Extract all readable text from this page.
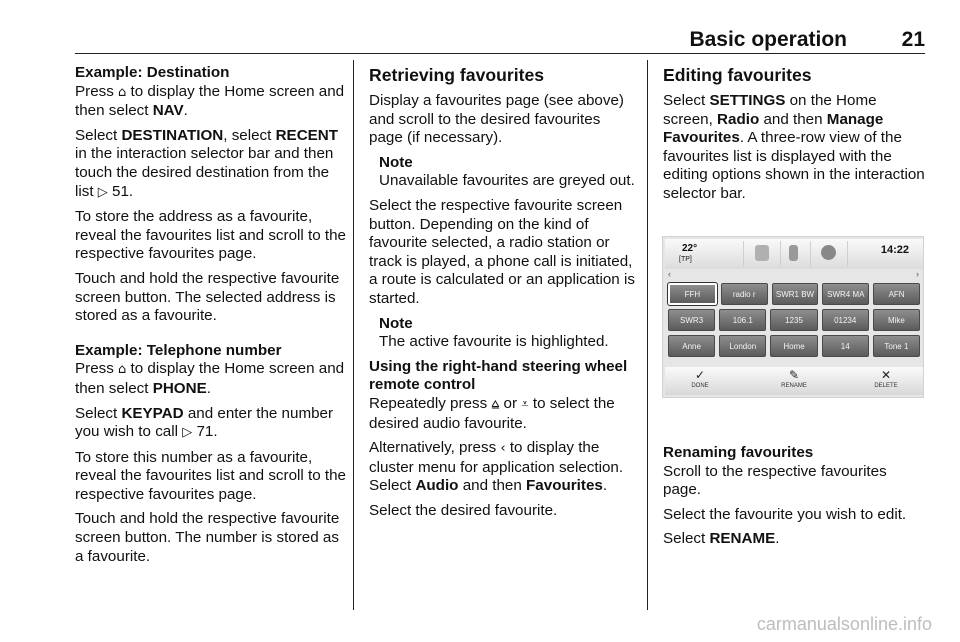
Basic operation	21
Example: Destination

Press ⌂ to display the Home screen and then select NAV.

Select DESTINATION, select RECENT in the interaction selector bar and then touch the desired destination from the list ▷ 51.

To store the address as a favourite, reveal the favourites list and scroll to the respective favourites page.

Touch and hold the respective favourite screen button. The selected address is stored as a favourite.

Example: Telephone number

Press ⌂ to display the Home screen and then select PHONE.

Select KEYPAD and enter the number you wish to call ▷ 71.

To store this number as a favourite, reveal the favourites list and scroll to the respective favourites page.

Touch and hold the respective favourite screen button. The number is stored as a favourite.

Retrieving favourites

Display a favourites page (see above) and scroll to the desired favourites page (if necessary).

Note
Unavailable favourites are greyed out.

Select the respective favourite screen button. Depending on the kind of favourite selected, a radio station or track is played, a phone call is initiated, a route is calculated or an application is started.

Note
The active favourite is highlighted.
Using the right-hand steering wheel remote control

Repeatedly press ⩠ or ⩡ to select the desired audio favourite.

Alternatively, press ‹ to display the cluster menu for application selection. Select Audio and then Favourites.

Select the desired favourite.

Editing favourites

Select SETTINGS on the Home screen, Radio and then Manage Favourites. A three-row view of the favourites list is displayed with the editing options shown in the interaction selector bar.

Renaming favourites

Scroll to the respective favourites page.

Select the favourite you wish to edit.

Select RENAME.

22°
[TP]
14:22
‹	›
FFH	radio r	SWR1 BW	SWR4 MA	AFN
SWR3	106.1	1235	01234	Mike
Anne	London	Home	14	Tone 1
✓
DONE
✎
RENAME
✕
DELETE
carmanualsonline.info
